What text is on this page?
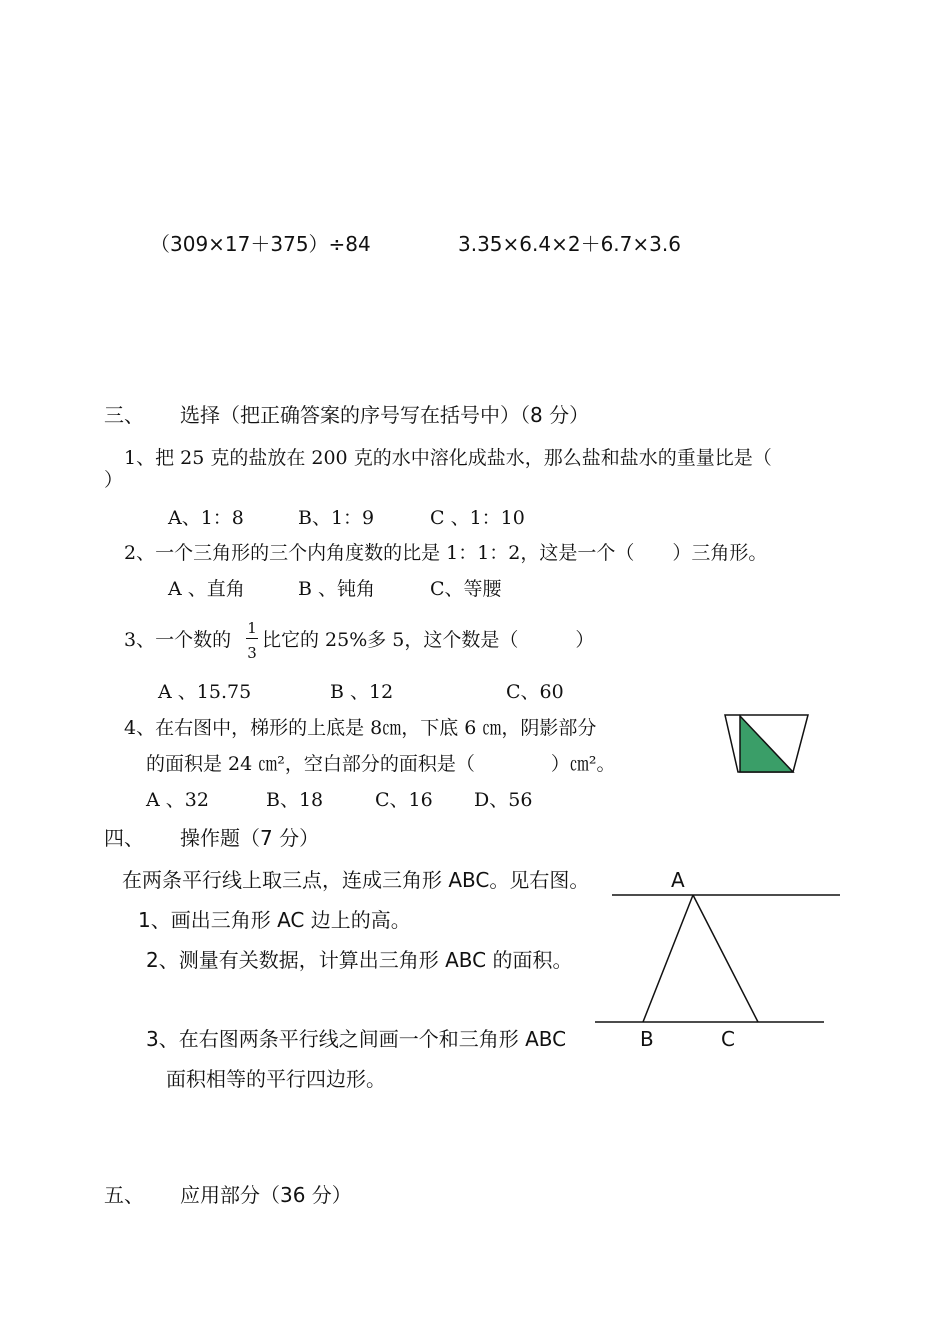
（309×17＋375）÷84	3.35×6.4×2＋6.7×3.6
三、 选择（把正确答案的序号写在括号中）（8 分）
1、把 25 克的盐放在 200 克的水中溶化成盐水，那么盐和盐水的重量比是（
）
A、1：8	B、1：9	C 、1：10
2、一个三角形的三个内角度数的比是 1：1：2，这是一个（　　）三角形。
A 、直角	B 、钝角	C、等腰
3、一个数的
1
3
比它的 25%多 5，这个数是（　　　）
A 、15.75	B 、12	C、60
4、在右图中，梯形的上底是 8㎝，下底 6 ㎝，阴影部分
的面积是 24 ㎝²，空白部分的面积是（　　　　）㎝²。
A 、32	B、18	C、16 D、56
四、 操作题（7 分）
在两条平行线上取三点，连成三角形 ABC。见右图。
1、画出三角形 AC 边上的高。
2、测量有关数据，计算出三角形 ABC 的面积。
3、在右图两条平行线之间画一个和三角形 ABC
面积相等的平行四边形。
A
B	C
五、 应用部分（36 分）
